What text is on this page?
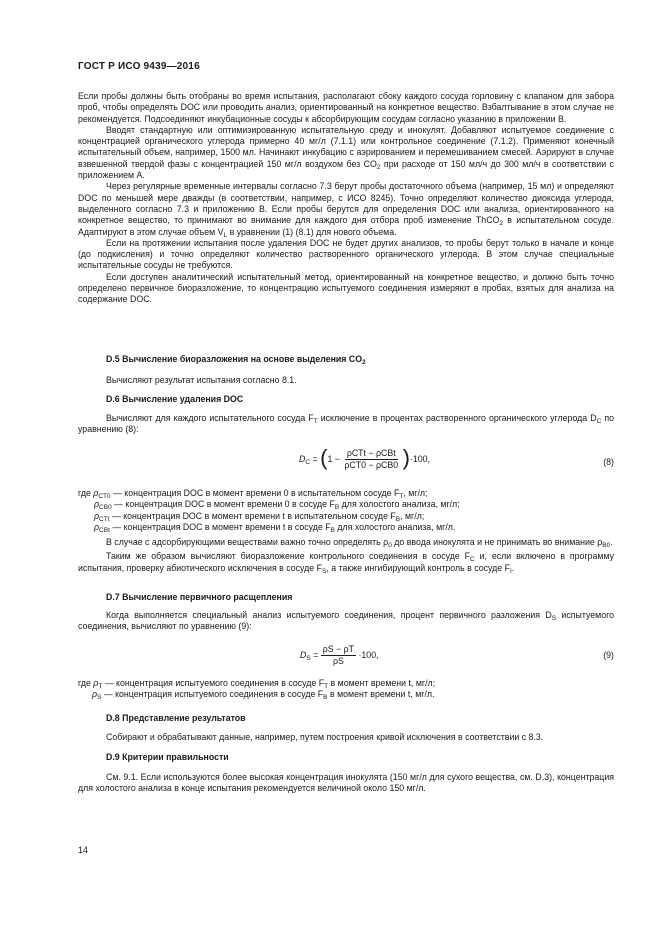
ГОСТ Р ИСО 9439—2016

Если пробы должны быть отобраны во время испытания, располагают сбоку каждого сосуда горловину с клапаном для забора проб, чтобы определять DOC или проводить анализ, ориентированный на конкретное вещество. Взбалтывание в этом случае не рекомендуется. Подсоединяют инкубационные сосуды к абсорбирующим сосудам согласно указанию в приложении В.

Вводят стандартную или оптимизированную испытательную среду и инокулят. Добавляют испытуемое соединение с концентрацией органического углерода примерно 40 мг/л (7.1.1) или контрольное соединение (7.1.2). Применяют конечный испытательный объем, например, 1500 мл. Начинают инкубацию с аэрированием и перемешиванием смесей. Аэрируют в случае взвешенной твердой фазы с концентрацией 150 мг/л воздухом без $CO_2$ при расходе от 150 мл/ч до 300 мл/ч в соответствии с приложением А.

Через регулярные временные интервалы согласно 7.3 берут пробы достаточного объема (например, 15 мл) и определяют DOC по меньшей мере дважды (в соответствии, например, с ИСО 8245). Точно определяют количество диоксида углерода, выделенного согласно 7.3 и приложению В. Если пробы берутся для определения DOC или анализа, ориентированного на конкретное вещество, то принимают во внимание для каждого дня отбора проб изменение ThCO$_2$ в испытательном сосуде. Адаптируют в этом случае объем $V_L$ в уравнении (1) (8.1) для нового объема.

Если на протяжении испытания после удаления DOC не будет других анализов, то пробы берут только в начале и конце (до подкисления) и точно определяют количество растворенного органического углерода. В этом случае специальные испытательные сосуды не требуются.

Если доступен аналитический испытательный метод, ориентированный на конкретное вещество, и должно быть точно определено первичное биоразложение, то концентрацию испытуемого соединения измеряют в пробах, взятых для анализа на содержание DOC.

D.5 Вычисление биоразложения на основе выделения $CO_2$
Вычисляют результат испытания согласно 8.1.
D.6 Вычисление удаления DOC
Вычисляют для каждого испытательного сосуда $F_T$ исключение в процентах растворенного органического углерода $D_C$ по уравнению (8):
$D_C = (1 - \frac{\text{ρCTt − ρCBt}}{\text{ρCT0 − ρCB0}} )\cdot 100$,	(8)
где $\rho_{CT0}$ — концентрация DOC в момент времени 0 в испытательном сосуде $F_T$, мг/л;
$\rho_{CB0}$ — концентрация DOC в момент времени 0 в сосуде $F_B$ для холостого анализа, мг/л;
$\rho_{CTt}$ — концентрация DOC в момент времени t в испытательном сосуде $F_B$, мг/л;
$\rho_{CBt}$ — концентрация DOC в момент времени t в сосуде $F_B$ для холостого анализа, мг/л.

В случае с адсорбирующими веществами важно точно определять $\rho_0$ до ввода инокулята и не принимать во внимание $\rho_{B0}$.

Таким же образом вычисляют биоразложение контрольного соединения в сосуде $F_C$ и, если включено в программу испытания, проверку абиотического исключения в сосуде $F_S$, а также ингибирующий контроль в сосуде $F_I$.

D.7 Вычисление первичного расщепления
Когда выполняется специальный анализ испытуемого соединения, процент первичного разложения $D_S$ испытуемого соединения, вычисляют по уравнению (9):
$D_S = \frac{\rho S - \rho T}{\rho S} \cdot 100$,	(9)
где $\rho_T$ — концентрация испытуемого соединения в сосуде $F_T$ в момент времени t, мг/л;
$\rho_S$ — концентрация испытуемого соединения в сосуде $F_B$ в момент времени t, мг/л.
D.8 Представление результатов
Собирают и обрабатывают данные, например, путем построения кривой исключения в соответствии с 8.3.
D.9 Критерии правильности
См. 9.1. Если используются более высокая концентрация инокулята (150 мг/л для сухого вещества, см. D.3), концентрация для холостого анализа в конце испытания рекомендуется величиной около 150 мг/л.
14
